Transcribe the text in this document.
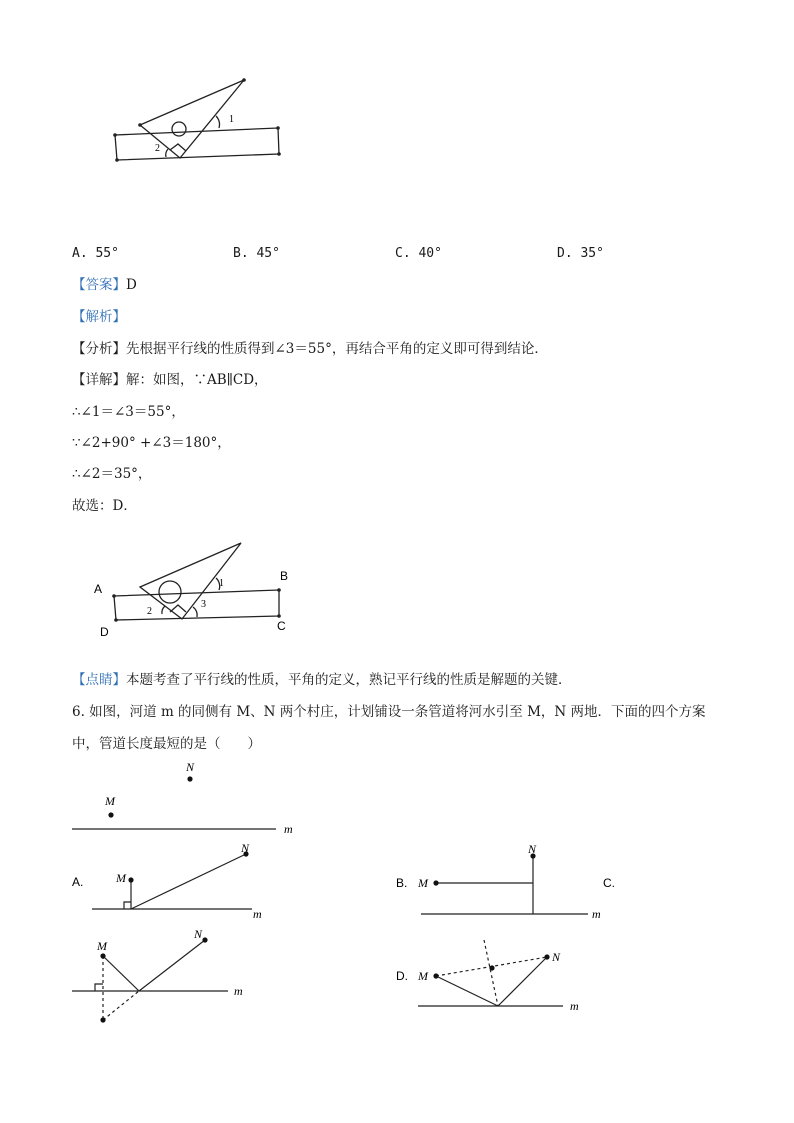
1
2
A. 55°	B. 45°	C. 40°	D. 35°
【答案】D
【解析】
【分析】先根据平行线的性质得到∠3＝55°，再结合平角的定义即可得到结论．
【详解】解：如图，∵AB∥CD，
∴∠1＝∠3＝55°，
∵∠2+90° +∠3＝180°，
∴∠2＝35°，
故选：D．
A
B
C
D
1
2
3
【点睛】本题考查了平行线的性质，平角的定义，熟记平行线的性质是解题的关键．
6. 如图，河道 m 的同侧有 M、N 两个村庄，计划铺设一条管道将河水引至 M，N 两地．下面的四个方案
中，管道长度最短的是（　　）
M
N
m
A.	M
N
m
B. M
N
m
C.
M
N
m
D. M
N
m
